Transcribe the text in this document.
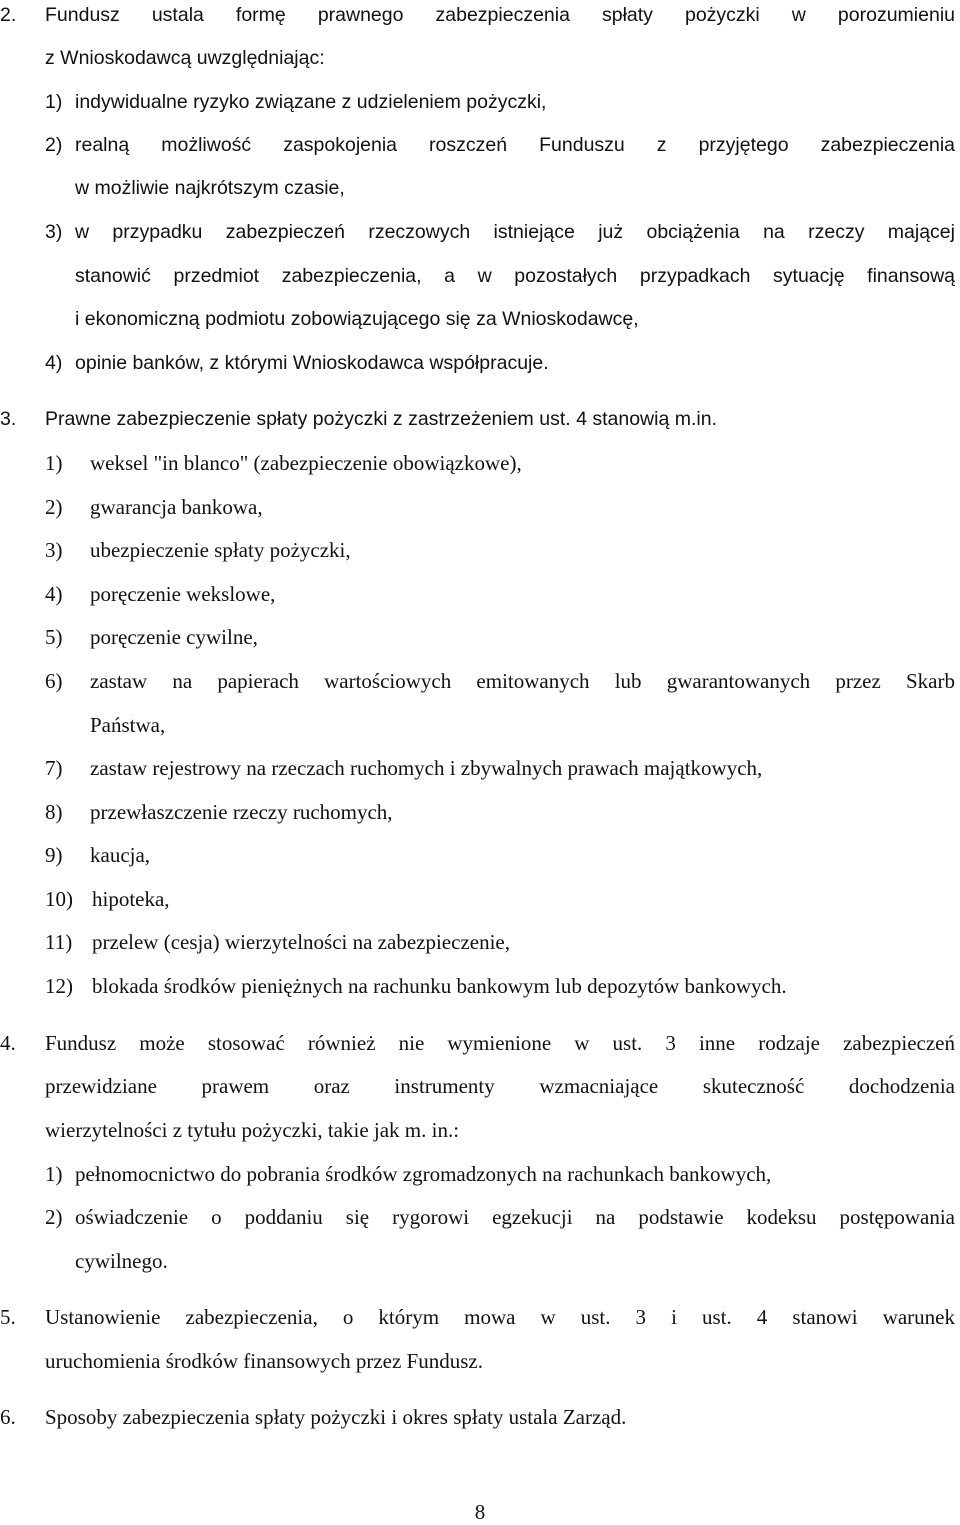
2. Fundusz ustala formę prawnego zabezpieczenia spłaty pożyczki w porozumieniu
z Wnioskodawcą uwzględniając:
1) indywidualne ryzyko związane z udzieleniem pożyczki,
2) realną możliwość zaspokojenia roszczeń Funduszu z przyjętego zabezpieczenia
w możliwie najkrótszym czasie,
3) w przypadku zabezpieczeń rzeczowych istniejące już obciążenia na rzeczy mającej
stanowić przedmiot zabezpieczenia, a w pozostałych przypadkach sytuację finansową
i ekonomiczną podmiotu zobowiązującego się za Wnioskodawcę,
4) opinie banków, z którymi Wnioskodawca współpracuje.
3. Prawne zabezpieczenie spłaty pożyczki z zastrzeżeniem ust. 4 stanowią m.in.
1) weksel "in blanco" (zabezpieczenie obowiązkowe),
2) gwarancja bankowa,
3) ubezpieczenie spłaty pożyczki,
4) poręczenie wekslowe,
5) poręczenie cywilne,
6) zastaw na papierach wartościowych emitowanych lub gwarantowanych przez Skarb
Państwa,
7) zastaw rejestrowy na rzeczach ruchomych i zbywalnych prawach majątkowych,
8) przewłaszczenie rzeczy ruchomych,
9) kaucja,
10) hipoteka,
11) przelew (cesja) wierzytelności na zabezpieczenie,
12) blokada środków pieniężnych na rachunku bankowym lub depozytów bankowych.
4. Fundusz może stosować również nie wymienione w ust. 3 inne rodzaje zabezpieczeń
przewidziane prawem oraz instrumenty wzmacniające skuteczność dochodzenia
wierzytelności z tytułu pożyczki, takie jak m. in.:
1) pełnomocnictwo do pobrania środków zgromadzonych na rachunkach bankowych,
2) oświadczenie o poddaniu się rygorowi egzekucji na podstawie kodeksu postępowania
cywilnego.
5. Ustanowienie zabezpieczenia, o którym mowa w ust. 3 i ust. 4 stanowi warunek
uruchomienia środków finansowych przez Fundusz.
6. Sposoby zabezpieczenia spłaty pożyczki i okres spłaty ustala Zarząd.
8
